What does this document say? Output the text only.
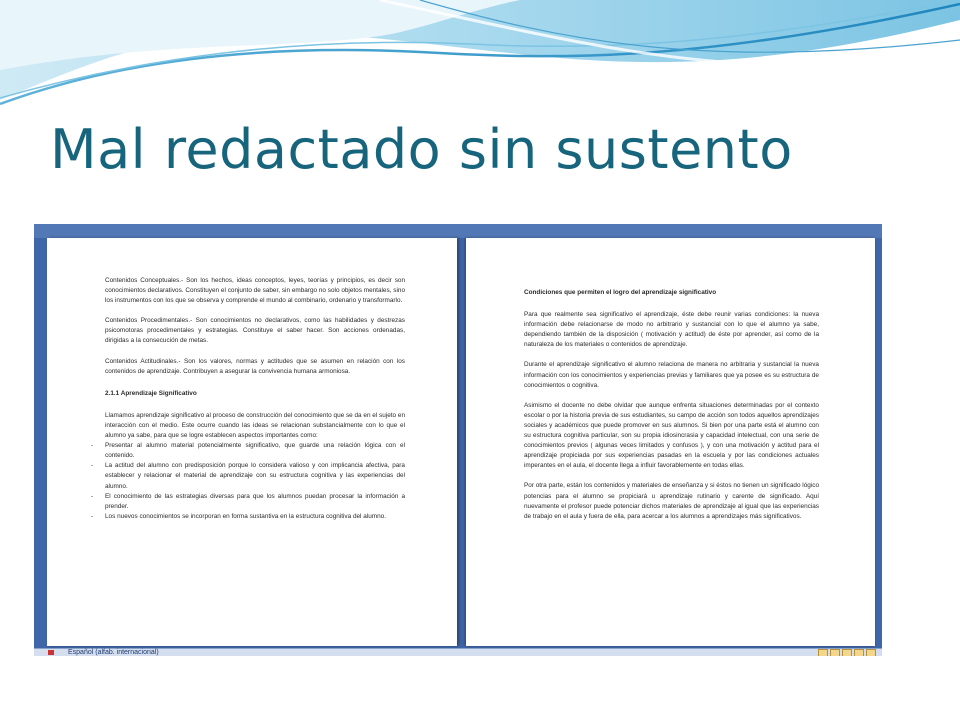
Mal redactado sin sustento

Contenidos Conceptuales.- Son los hechos, ideas conceptos, leyes, teorías y principios, es decir son conocimientos declarativos. Constituyen el conjunto de saber, sin embargo no solo objetos mentales, sino los instrumentos con los que se observa y comprende el mundo al combinario, ordenario y transformarlo.

Contenidos Procedimentales.- Son conocimientos no declarativos, como las habilidades y destrezas psicomotoras procedimentales y estrategias. Constituye el saber hacer. Son acciones ordenadas, dirigidas a la consecución de metas.

Contenidos Actitudinales.- Son los valores, normas y actitudes que se asumen en relación con los contenidos de aprendizaje. Contribuyen a asegurar la convivencia humana armoniosa.

2.1.1 Aprendizaje Significativo

Llamamos aprendizaje significativo al proceso de construcción del conocimiento que se da en el sujeto en interacción con el medio. Este ocurre cuando las ideas se relacionan substancialmente con lo que el alumno ya sabe, para que se logre establecen aspectos importantes como:

- Presentar al alumno material potencialmente significativo, que guarde una relación lógica con el contenido.
- La actitud del alumno con predisposición porque lo considera valioso y con implicancia afectiva, para establecer y relacionar el material de aprendizaje con su estructura cognitiva y las experiencias del alumno.
- El conocimiento de las estrategias diversas para que los alumnos puedan procesar la información a prender.
- Los nuevos conocimientos se incorporan en forma sustantiva en la estructura cognitiva del alumno.

Condiciones que permiten el logro del aprendizaje significativo

Para que realmente sea significativo el aprendizaje, éste debe reunir varias condiciones: la nueva información debe relacionarse de modo no arbitrario y sustancial con lo que el alumno ya sabe, dependiendo también de la disposición ( motivación y actitud) de éste por aprender, así como de la naturaleza de los materiales o contenidos de aprendizaje.

Durante el aprendizaje significativo el alumno relaciona de manera no arbitraria y sustancial la nueva información con los conocimientos y experiencias previas y familiares que ya posee es su estructura de conocimientos o cognitiva.

Asimismo el docente no debe olvidar que aunque enfrenta situaciones determinadas por el contexto escolar o por la historia previa de sus estudiantes, su campo de acción son todos aquellos aprendizajes sociales y académicos que puede promover en sus alumnos. Si bien por una parte está el alumno con su estructura cognitiva particular, son su propia idiosincrasia y capacidad intelectual, con una serie de conocimientos previos ( algunas veces limitados y confusos ), y con una motivación y actitud para el aprendizaje propiciada por sus experiencias pasadas en la escuela y por las condiciones actuales imperantes en el aula, el docente llega a influir favorablemente en todas ellas.

Por otra parte, están los contenidos y materiales de enseñanza y si éstos no tienen un significado lógico potencias para el alumno se propiciará u aprendizaje rutinario y carente de significado. Aquí nuevamente el profesor puede potenciar dichos materiales de aprendizaje al igual que las experiencias de trabajo en el aula y fuera de ella, para acercar a los alumnos a aprendizajes más significativos.

Español (alfab. internacional)
